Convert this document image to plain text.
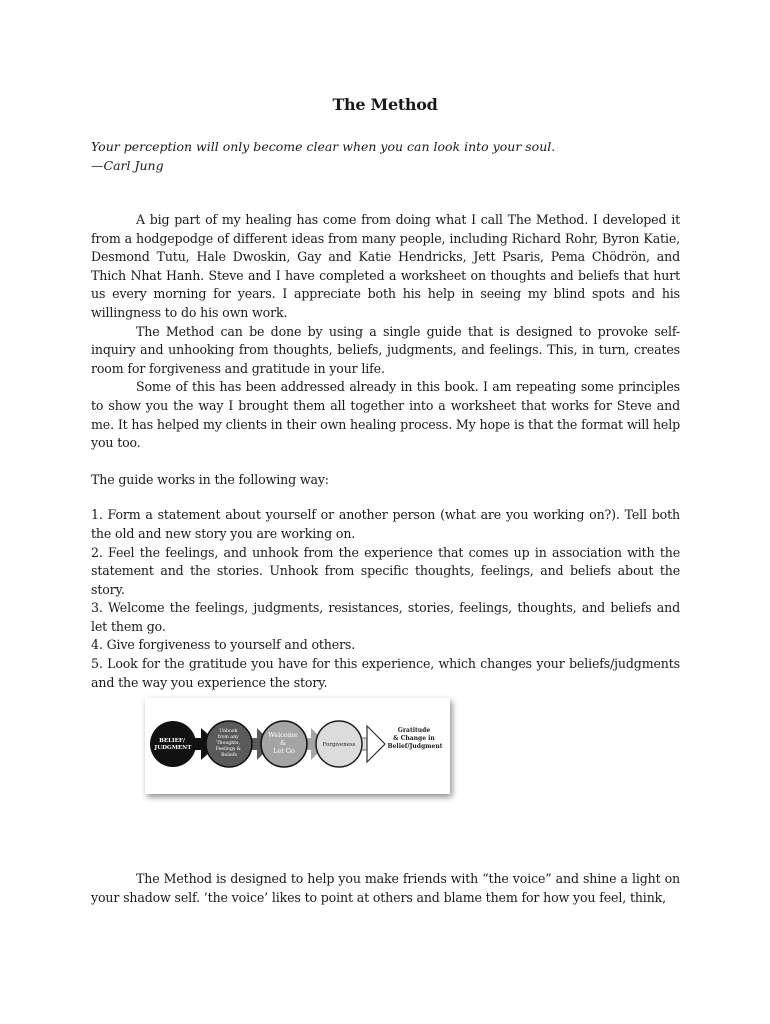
The Method
Your perception will only become clear when you can look into your soul.
—Carl Jung

A big part of my healing has come from doing what I call The Method. I developed it from a hodgepodge of different ideas from many people, including Richard Rohr, Byron Katie, Desmond Tutu, Hale Dwoskin, Gay and Katie Hendricks, Jett Psaris, Pema Chödrön, and Thich Nhat Hanh. Steve and I have completed a worksheet on thoughts and beliefs that hurt us every morning for years. I appreciate both his help in seeing my blind spots and his willingness to do his own work.

The Method can be done by using a single guide that is designed to provoke self-inquiry and unhooking from thoughts, beliefs, judgments, and feelings. This, in turn, creates room for forgiveness and gratitude in your life.

Some of this has been addressed already in this book. I am repeating some principles to show you the way I brought them all together into a worksheet that works for Steve and me. It has helped my clients in their own healing process. My hope is that the format will help you too.

The guide works in the following way:

1. Form a statement about yourself or another person (what are you working on?). Tell both the old and new story you are working on.

2. Feel the feelings, and unhook from the experience that comes up in association with the statement and the stories. Unhook from specific thoughts, feelings, and beliefs about the story.

3. Welcome the feelings, judgments, resistances, stories, feelings, thoughts, and beliefs and let them go.

4. Give forgiveness to yourself and others.

5. Look for the gratitude you have for this experience, which changes your beliefs/judgments and the way you experience the story.

BELIEF/ JUDGMENT
Unhook from any Thoughts, Feelings & Beliefs
Welcome & Let Go
Forgiveness
Gratitude & Change in Belief/Judgment

The Method is designed to help you make friends with “the voice” and shine a light on your shadow self. ’the voice’ likes to point at others and blame them for how you feel, think,
